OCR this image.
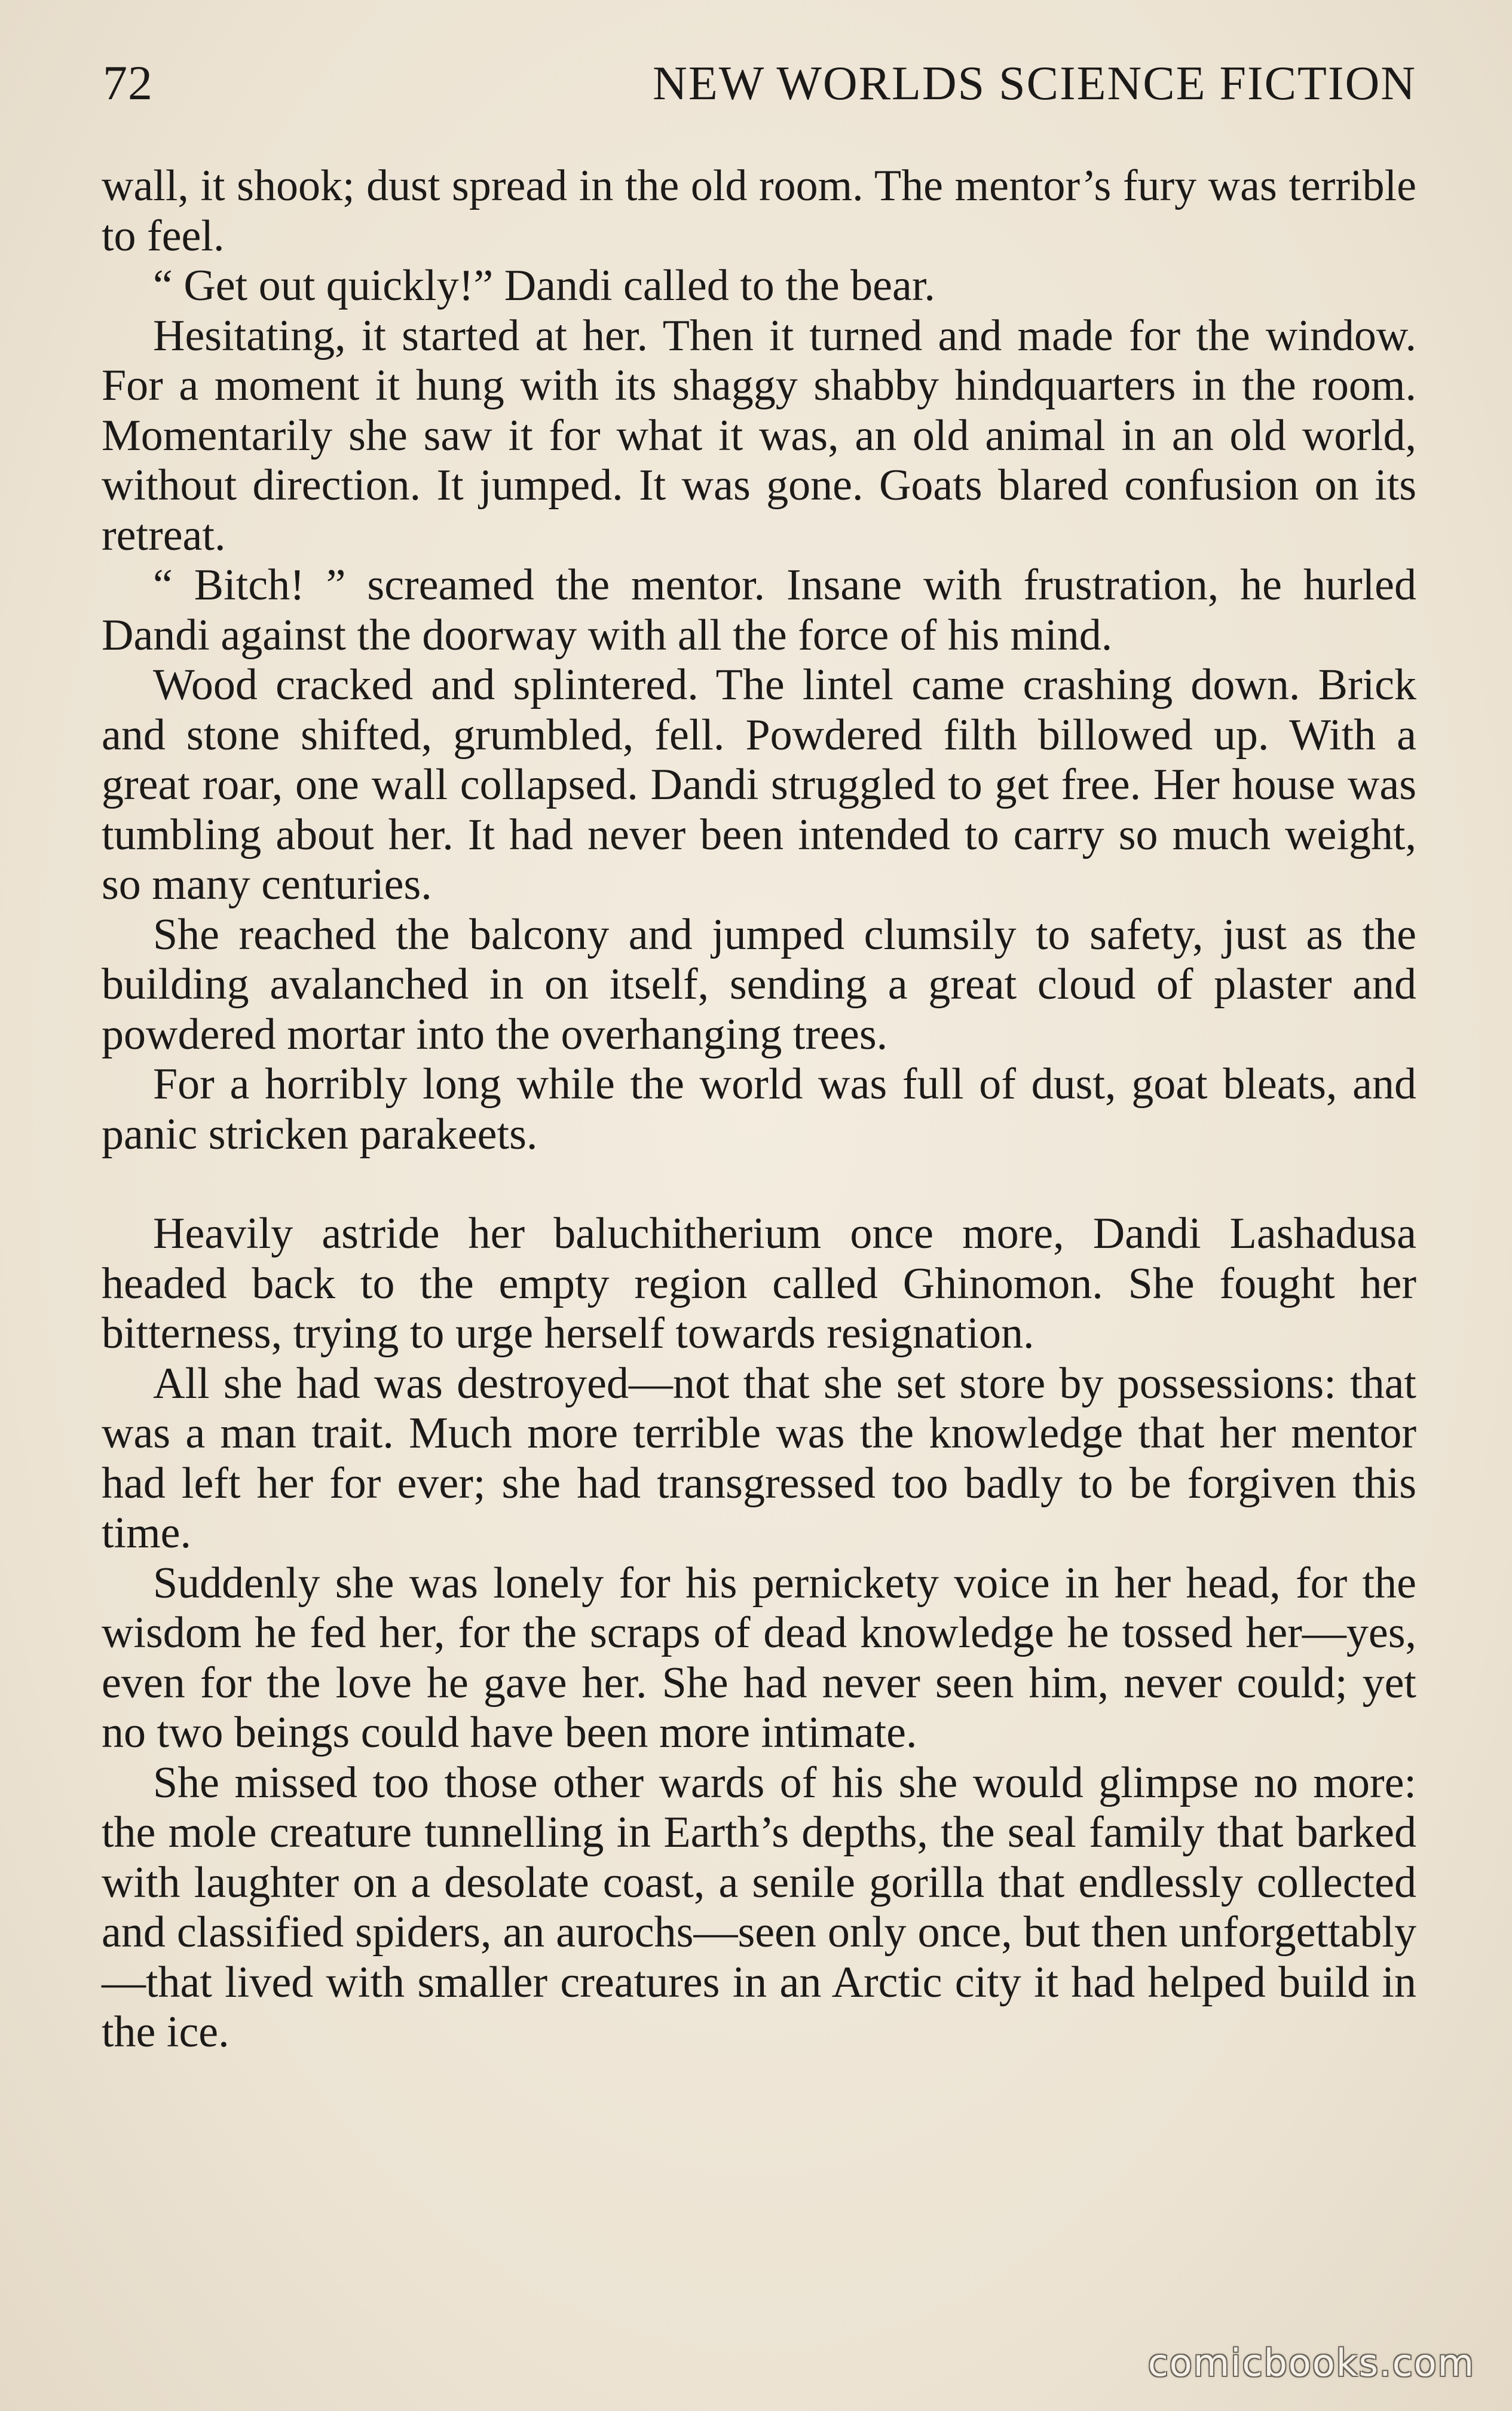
72	NEW WORLDS SCIENCE FICTION

wall, it shook; dust spread in the old room. The mentor’s fury was terrible to feel.

“ Get out quickly!” Dandi called to the bear.

Hesitating, it started at her. Then it turned and made for the window. For a moment it hung with its shaggy shabby hindquarters in the room. Momentarily she saw it for what it was, an old animal in an old world, without direction. It jumped. It was gone. Goats blared confusion on its retreat.

“ Bitch! ” screamed the mentor. Insane with frustration, he hurled Dandi against the doorway with all the force of his mind.

Wood cracked and splintered. The lintel came crashing down. Brick and stone shifted, grumbled, fell. Powdered filth billowed up. With a great roar, one wall collapsed. Dandi struggled to get free. Her house was tumbling about her. It had never been intended to carry so much weight, so many centuries.

She reached the balcony and jumped clumsily to safety, just as the building avalanched in on itself, sending a great cloud of plaster and powdered mortar into the overhanging trees.

For a horribly long while the world was full of dust, goat bleats, and panic stricken parakeets.

Heavily astride her baluchitherium once more, Dandi Lashadusa headed back to the empty region called Ghinomon. She fought her bitterness, trying to urge herself towards resignation.

All she had was destroyed—not that she set store by possessions: that was a man trait. Much more terrible was the knowledge that her mentor had left her for ever; she had transgressed too badly to be forgiven this time.

Suddenly she was lonely for his pernickety voice in her head, for the wisdom he fed her, for the scraps of dead knowledge he tossed her—yes, even for the love he gave her. She had never seen him, never could; yet no two beings could have been more intimate.

She missed too those other wards of his she would glimpse no more: the mole creature tunnelling in Earth’s depths, the seal family that barked with laughter on a desolate coast, a senile gorilla that endlessly collected and classified spiders, an aurochs—seen only once, but then unforgettably—that lived with smaller creatures in an Arctic city it had helped build in the ice.

comicbooks.com
